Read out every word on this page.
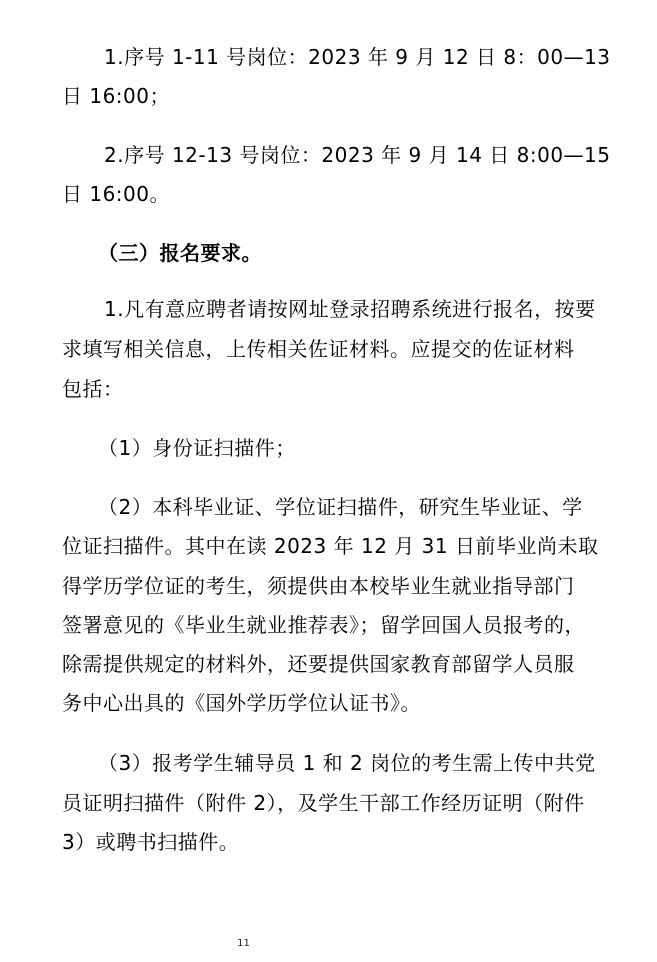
1.序号 1-11 号岗位：2023 年 9 月 12 日 8：00—13
日 16:00；
2.序号 12-13 号岗位：2023 年 9 月 14 日 8:00—15
日 16:00。
（三）报名要求。
1.凡有意应聘者请按网址登录招聘系统进行报名，按要
求填写相关信息，上传相关佐证材料。应提交的佐证材料
包括：
（1）身份证扫描件；
（2）本科毕业证、学位证扫描件，研究生毕业证、学
位证扫描件。其中在读 2023 年 12 月 31 日前毕业尚未取
得学历学位证的考生，须提供由本校毕业生就业指导部门
签署意见的《毕业生就业推荐表》；留学回国人员报考的，
除需提供规定的材料外，还要提供国家教育部留学人员服
务中心出具的《国外学历学位认证书》。
（3）报考学生辅导员 1 和 2 岗位的考生需上传中共党
员证明扫描件（附件 2），及学生干部工作经历证明（附件
3）或聘书扫描件。
11
